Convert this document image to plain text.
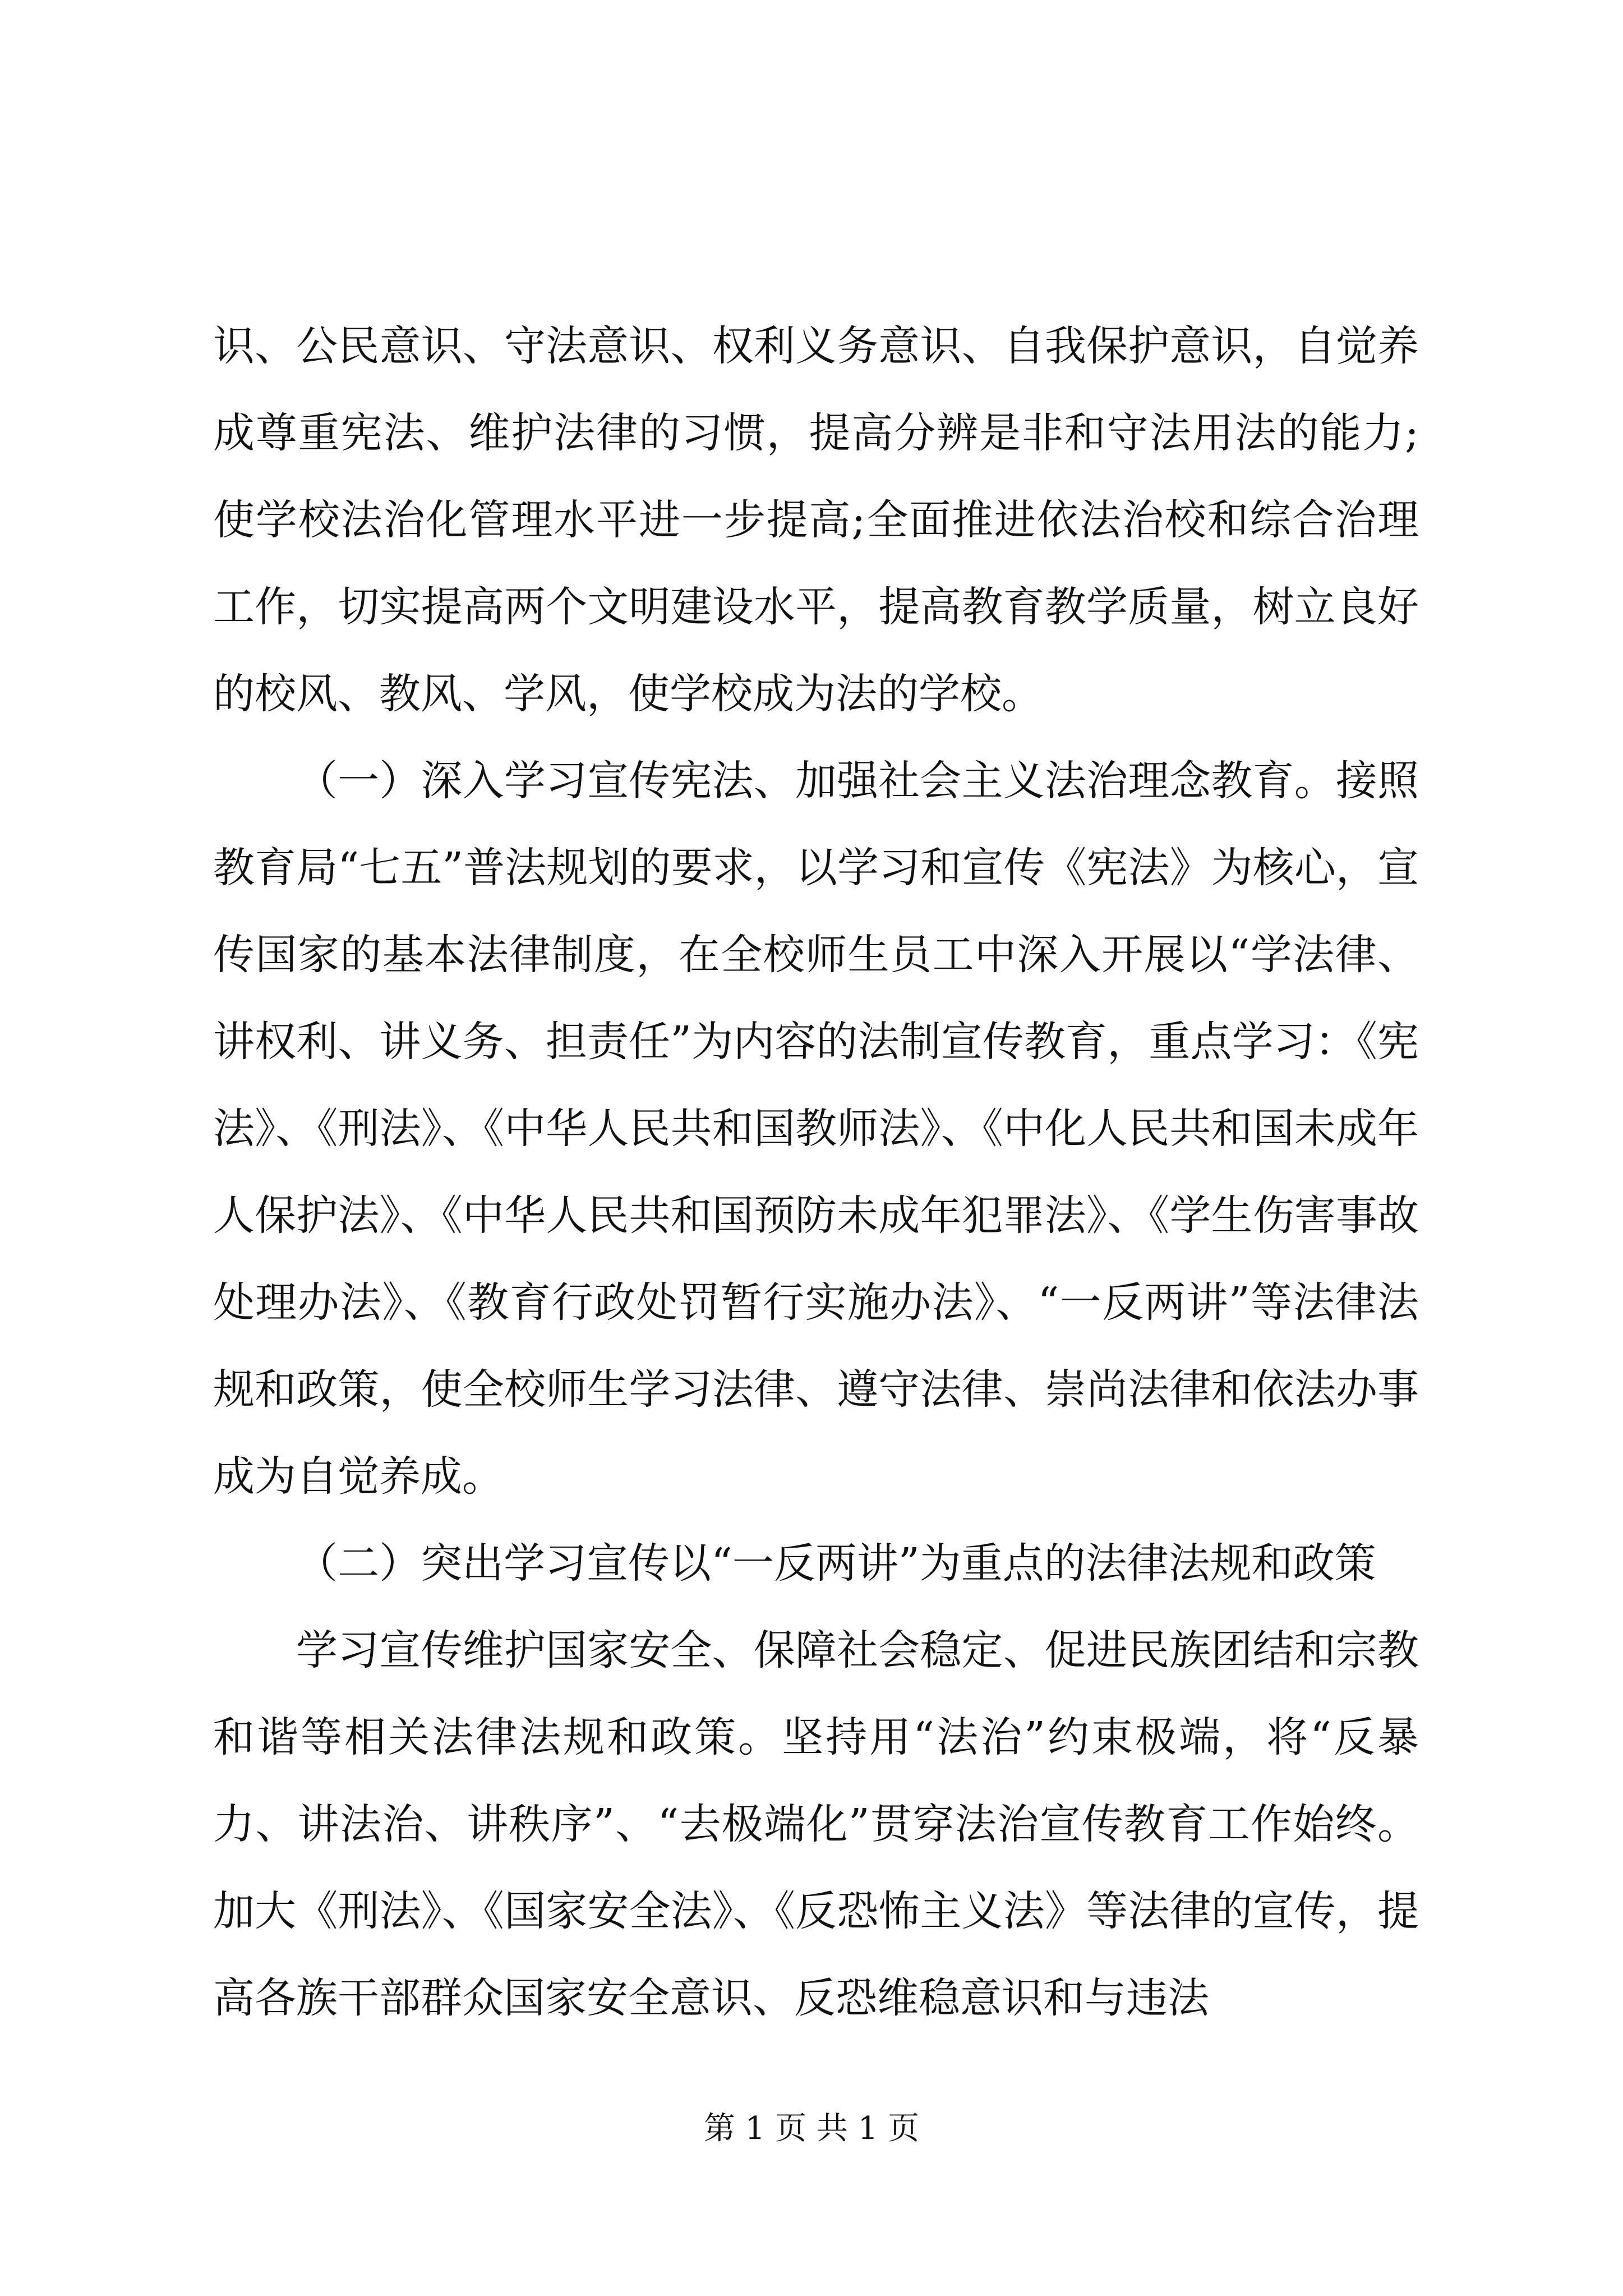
识、公民意识、守法意识、权利义务意识、自我保护意识，自觉养成尊重宪法、维护法律的习惯，提高分辨是非和守法用法的能力;使学校法治化管理水平进一步提高;全面推进依法治校和综合治理工作，切实提高两个文明建设水平，提高教育教学质量，树立良好的校风、教风、学风，使学校成为法的学校。

（一）深入学习宣传宪法、加强社会主义法治理念教育。接照教育局“七五”普法规划的要求，以学习和宣传《宪法》为核心，宣传国家的基本法律制度，在全校师生员工中深入开展以“学法律、讲权利、讲义务、担责任”为内容的法制宣传教育，重点学习：《宪法》、《刑法》、《中华人民共和国教师法》、《中化人民共和国未成年人保护法》、《中华人民共和国预防未成年犯罪法》、《学生伤害事故处理办法》、《教育行政处罚暂行实施办法》、“一反两讲”等法律法规和政策，使全校师生学习法律、遵守法律、崇尚法律和依法办事成为自觉养成。

（二）突出学习宣传以“一反两讲”为重点的法律法规和政策

学习宣传维护国家安全、保障社会稳定、促进民族团结和宗教和谐等相关法律法规和政策。坚持用“法治”约束极端，将“反暴力、讲法治、讲秩序”、“去极端化”贯穿法治宣传教育工作始终。加大《刑法》、《国家安全法》、《反恐怖主义法》等法律的宣传，提高各族干部群众国家安全意识、反恐维稳意识和与违法

第 1 页 共 1 页
